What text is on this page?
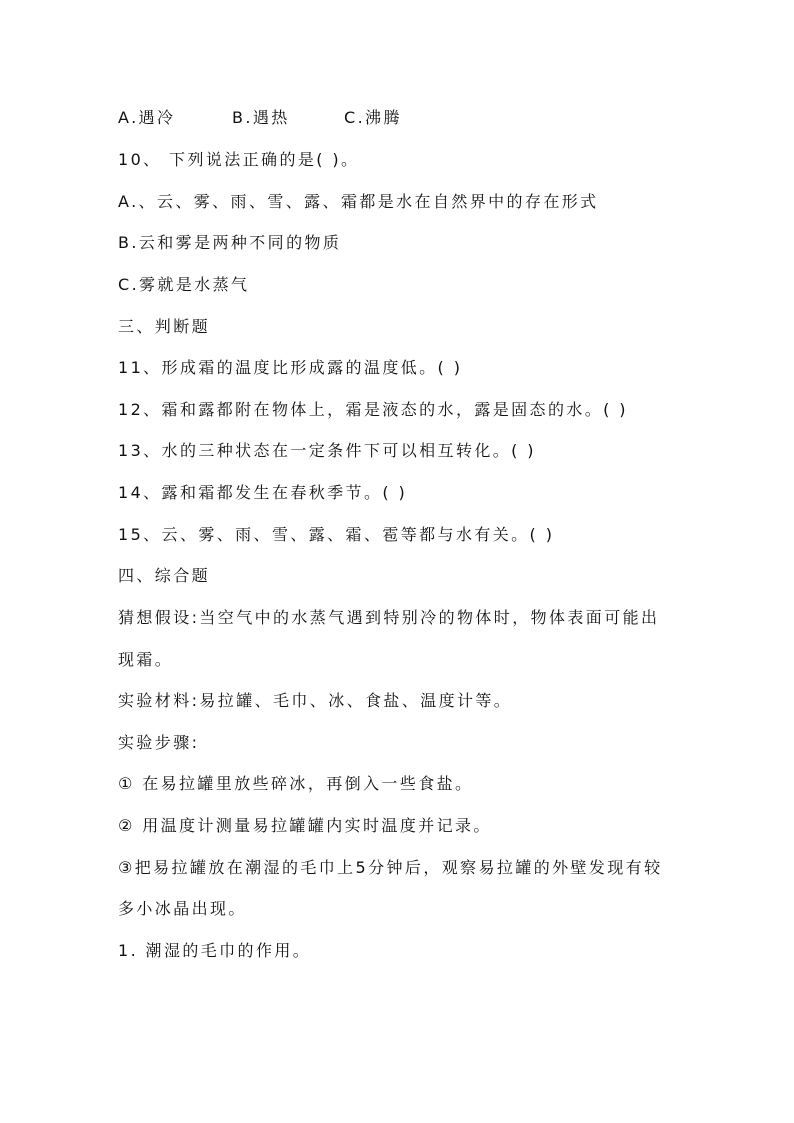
A.遇冷	B.遇热	C.沸腾
10、 下列说法正确的是( )。
A.、云、雾、雨、雪、露、霜都是水在自然界中的存在形式
B.云和雾是两种不同的物质
C.雾就是水蒸气
三、判断题
11、形成霜的温度比形成露的温度低。( )
12、霜和露都附在物体上，霜是液态的水，露是固态的水。( )
13、水的三种状态在一定条件下可以相互转化。( )
14、露和霜都发生在春秋季节。( )
15、云、雾、雨、雪、露、霜、雹等都与水有关。( )
四、综合题
猜想假设:当空气中的水蒸气遇到特别冷的物体时，物体表面可能出
现霜。
实验材料:易拉罐、毛巾、冰、食盐、温度计等。
实验步骤:
① 在易拉罐里放些碎冰，再倒入一些食盐。
② 用温度计测量易拉罐罐内实时温度并记录。
③把易拉罐放在潮湿的毛巾上5分钟后，观察易拉罐的外壁发现有较
多小冰晶出现。
1. 潮湿的毛巾的作用。
